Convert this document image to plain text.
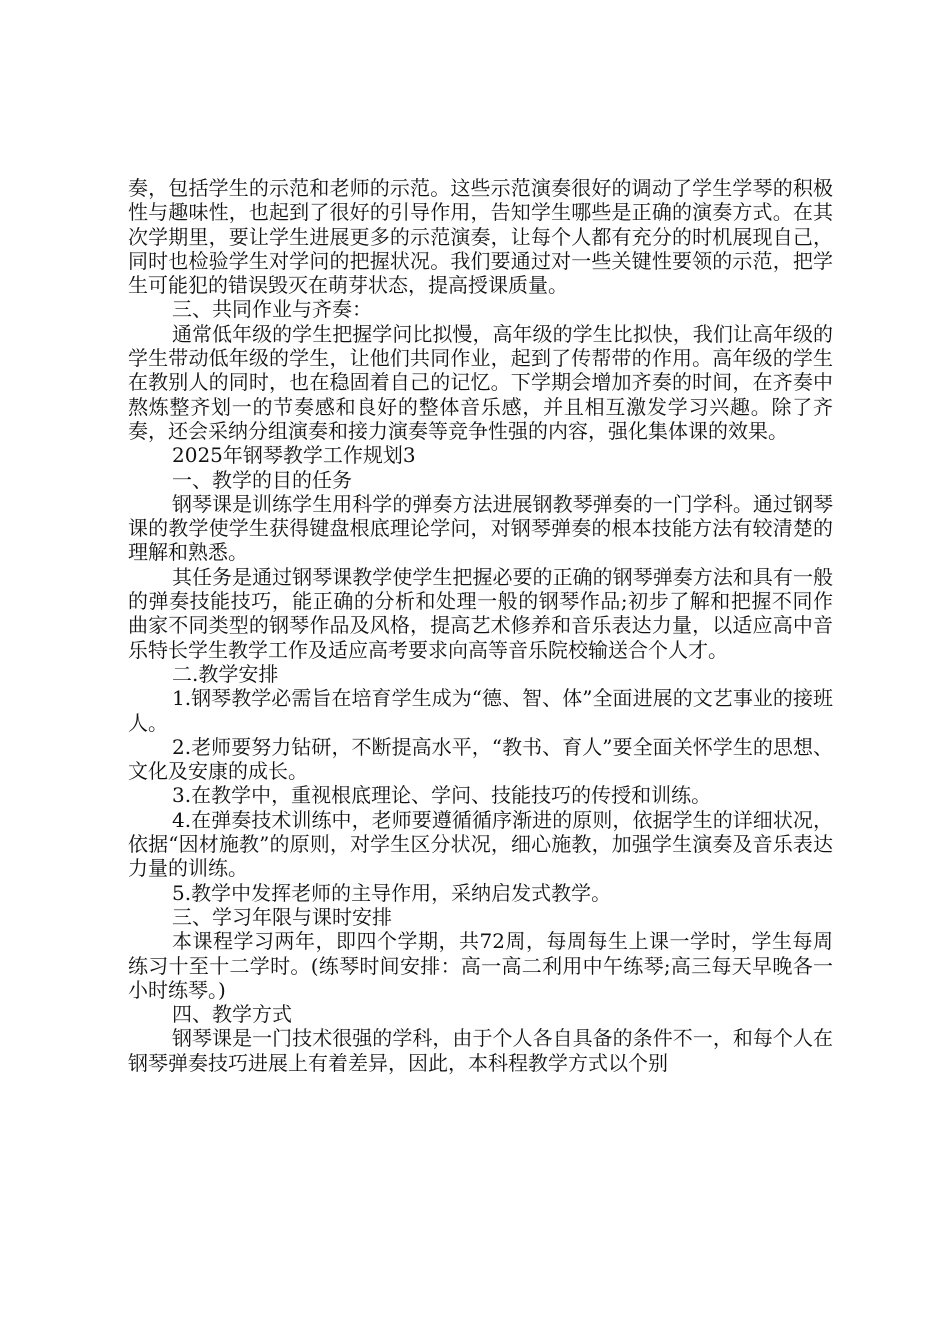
奏，包括学生的示范和老师的示范。这些示范演奏很好的调动了学生学琴的积极性与趣味性，也起到了很好的引导作用，告知学生哪些是正确的演奏方式。在其次学期里，要让学生进展更多的示范演奏，让每个人都有充分的时机展现自己，同时也检验学生对学问的把握状况。我们要通过对一些关键性要领的示范，把学生可能犯的错误毁灭在萌芽状态，提高授课质量。

三、共同作业与齐奏：

通常低年级的学生把握学问比拟慢，高年级的学生比拟快，我们让高年级的学生带动低年级的学生，让他们共同作业，起到了传帮带的作用。高年级的学生在教别人的同时，也在稳固着自己的记忆。下学期会增加齐奏的时间，在齐奏中熬炼整齐划一的节奏感和良好的整体音乐感，并且相互激发学习兴趣。除了齐奏，还会采纳分组演奏和接力演奏等竞争性强的内容，强化集体课的效果。

2025年钢琴教学工作规划3

一、教学的目的任务

钢琴课是训练学生用科学的弹奏方法进展钢教琴弹奏的一门学科。通过钢琴课的教学使学生获得键盘根底理论学问，对钢琴弹奏的根本技能方法有较清楚的理解和熟悉。

其任务是通过钢琴课教学使学生把握必要的正确的钢琴弹奏方法和具有一般的弹奏技能技巧，能正确的分析和处理一般的钢琴作品;初步了解和把握不同作曲家不同类型的钢琴作品及风格，提高艺术修养和音乐表达力量，以适应高中音乐特长学生教学工作及适应高考要求向高等音乐院校输送合个人才。

二.教学安排

1.钢琴教学必需旨在培育学生成为“德、智、体”全面进展的文艺事业的接班人。

2.老师要努力钻研，不断提高水平，“教书、育人”要全面关怀学生的思想、文化及安康的成长。

3.在教学中，重视根底理论、学问、技能技巧的传授和训练。

4.在弹奏技术训练中，老师要遵循循序渐进的原则，依据学生的详细状况，依据“因材施教”的原则，对学生区分状况，细心施教，加强学生演奏及音乐表达力量的训练。

5.教学中发挥老师的主导作用，采纳启发式教学。

三、学习年限与课时安排

本课程学习两年，即四个学期，共72周，每周每生上课一学时，学生每周练习十至十二学时。(练琴时间安排：高一高二利用中午练琴;高三每天早晚各一小时练琴。)

四、教学方式

钢琴课是一门技术很强的学科，由于个人各自具备的条件不一，和每个人在钢琴弹奏技巧进展上有着差异，因此，本科程教学方式以个别
